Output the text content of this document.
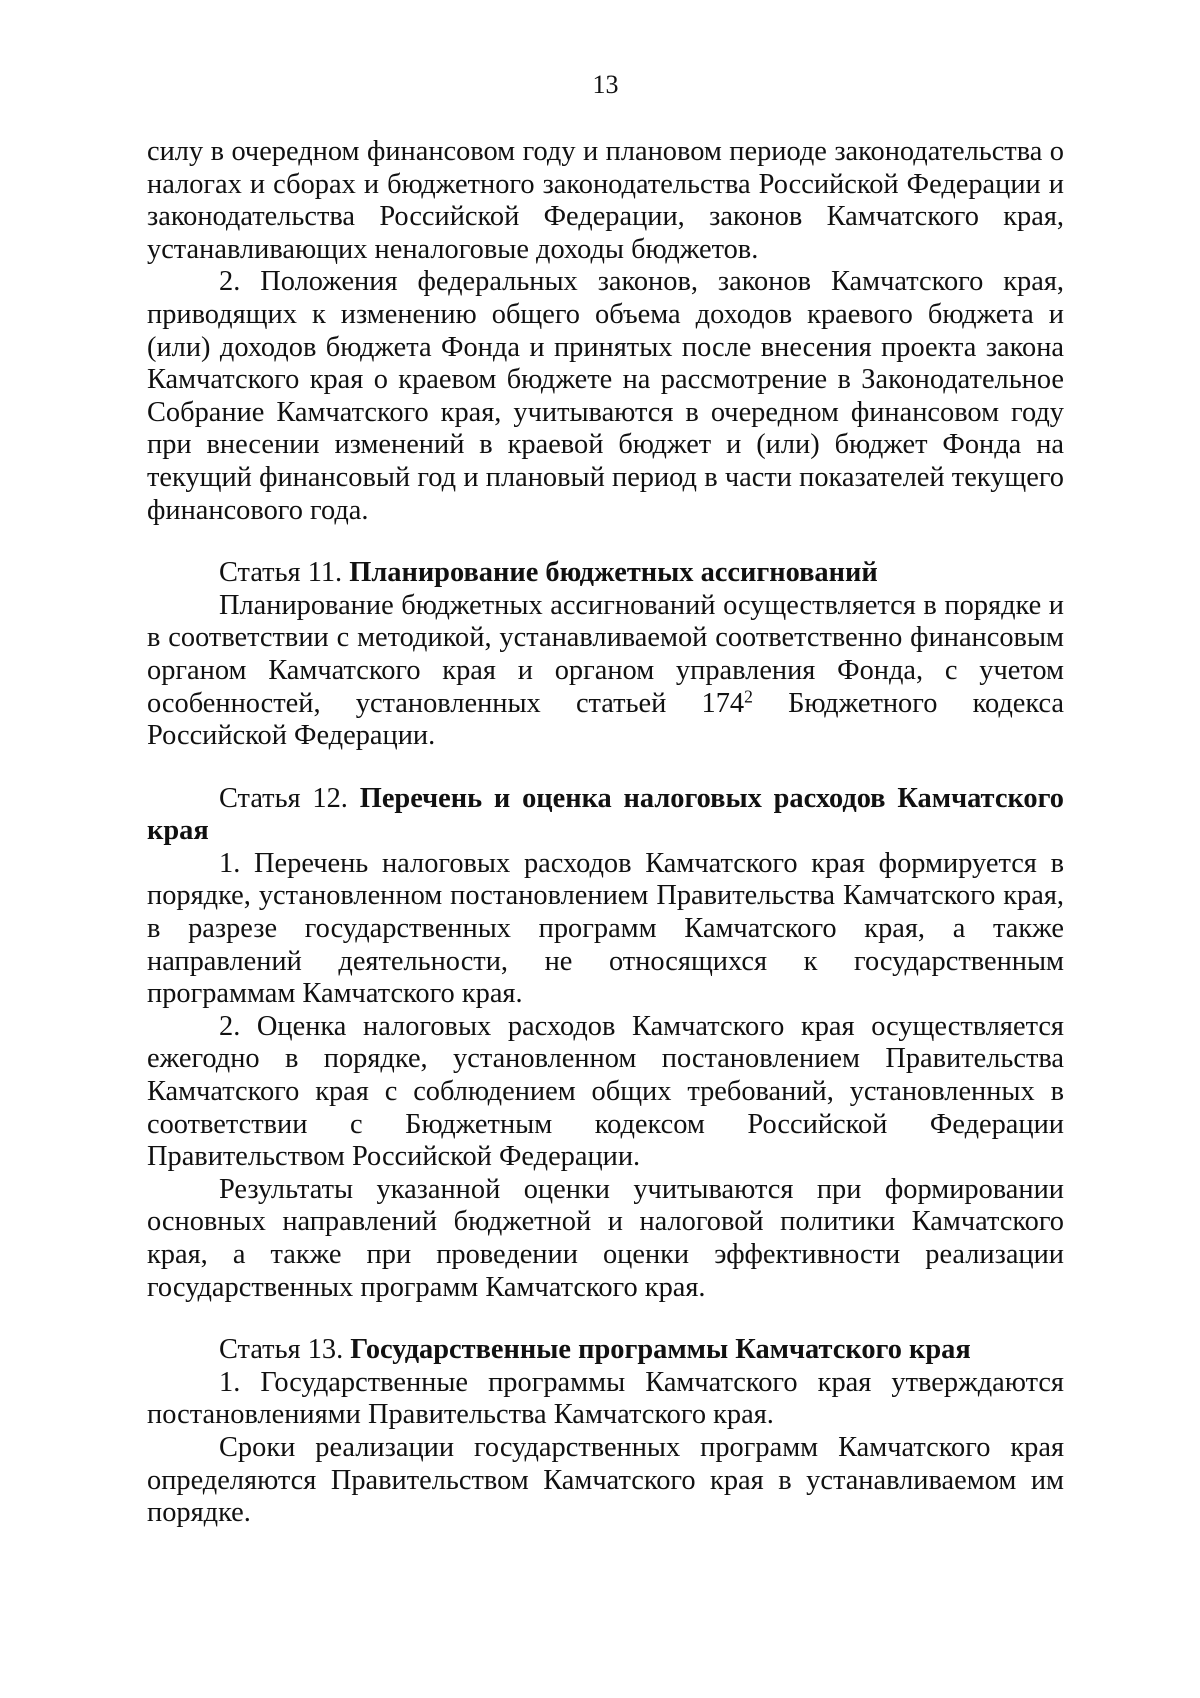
13

силу в очередном финансовом году и плановом периоде законодательства о налогах и сборах и бюджетного законодательства Российской Федерации и законодательства Российской Федерации, законов Камчатского края, устанавливающих неналоговые доходы бюджетов.

2. Положения федеральных законов, законов Камчатского края, приводящих к изменению общего объема доходов краевого бюджета и (или) доходов бюджета Фонда и принятых после внесения проекта закона Камчатского края о краевом бюджете на рассмотрение в Законодательное Собрание Камчатского края, учитываются в очередном финансовом году при внесении изменений в краевой бюджет и (или) бюджет Фонда на текущий финансовый год и плановый период в части показателей текущего финансового года.

Статья 11. Планирование бюджетных ассигнований

Планирование бюджетных ассигнований осуществляется в порядке и в соответствии с методикой, устанавливаемой соответственно финансовым органом Камчатского края и органом управления Фонда, с учетом особенностей, установленных статьей $174^2$ Бюджетного кодекса Российской Федерации.

Статья 12. Перечень и оценка налоговых расходов Камчатского края

1. Перечень налоговых расходов Камчатского края формируется в порядке, установленном постановлением Правительства Камчатского края, в разрезе государственных программ Камчатского края, а также направлений деятельности, не относящихся к государственным программам Камчатского края.

2. Оценка налоговых расходов Камчатского края осуществляется ежегодно в порядке, установленном постановлением Правительства Камчатского края с соблюдением общих требований, установленных в соответствии с Бюджетным кодексом Российской Федерации Правительством Российской Федерации.

Результаты указанной оценки учитываются при формировании основных направлений бюджетной и налоговой политики Камчатского края, а также при проведении оценки эффективности реализации государственных программ Камчатского края.

Статья 13. Государственные программы Камчатского края

1. Государственные программы Камчатского края утверждаются постановлениями Правительства Камчатского края.

Сроки реализации государственных программ Камчатского края определяются Правительством Камчатского края в устанавливаемом им порядке.
